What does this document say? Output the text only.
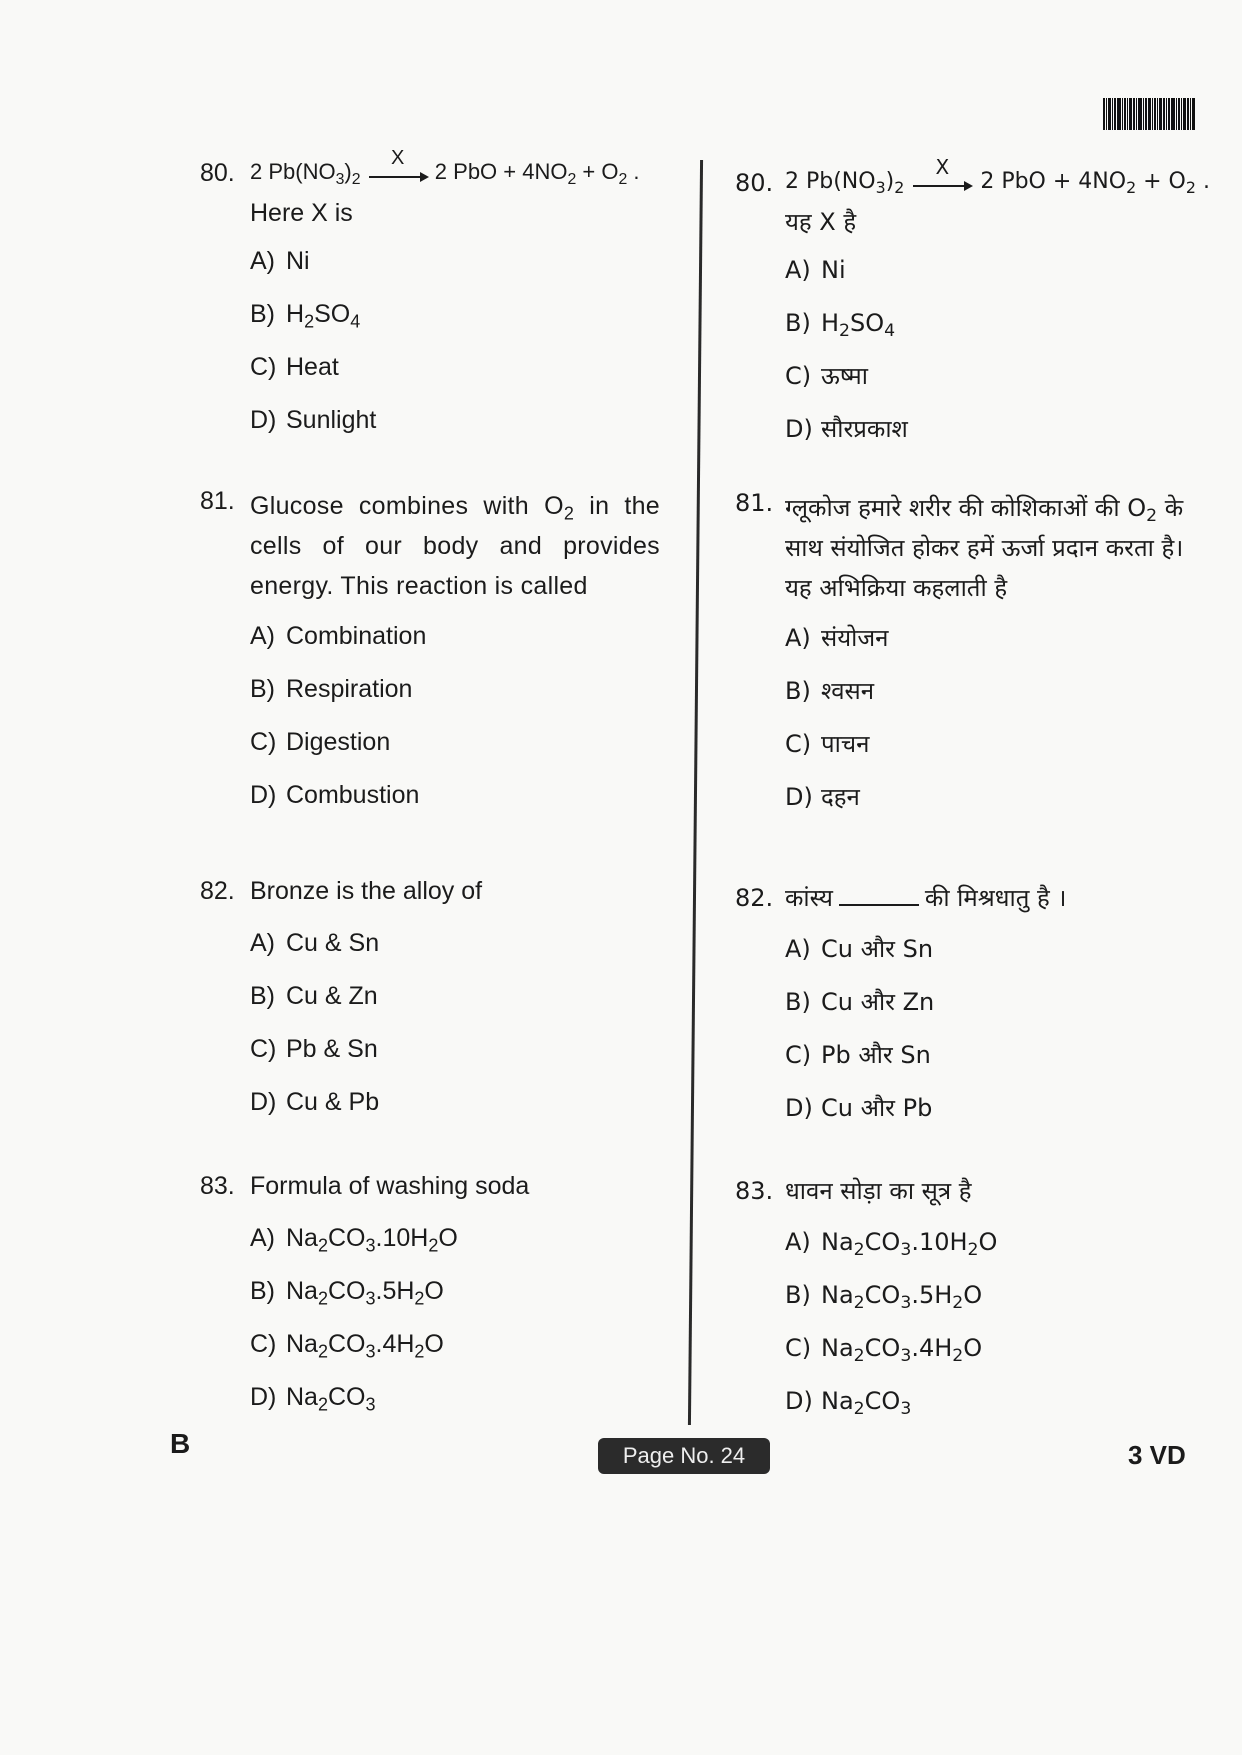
80. 2 $Pb(NO_3)_2$
X
2 PbO + $4NO_2 + O_2$ .
Here X is
A) Ni
B) $H_2SO_4$
C) Heat
D) Sunlight
81. Glucose combines with $O_2$ in the cells of our body and provides energy. This reaction is called
A) Combination
B) Respiration
C) Digestion
D) Combustion
82. Bronze is the alloy of
A) Cu & Sn
B) Cu & Zn
C) Pb & Sn
D) Cu & Pb
83. Formula of washing soda
A) $Na_2CO_3.10H_2O$
B) $Na_2CO_3.5H_2O$
C) $Na_2CO_3.4H_2O$
D) $Na_2CO_3$
80. 2 $Pb(NO_3)_2$
X
2 PbO + $4NO_2 + O_2$ .
यह X है
A) Ni
B) $H_2SO_4$
C) ऊष्मा
D) सौरप्रकाश
81. ग्लूकोज हमारे शरीर की कोशिकाओं की $O_2$ के साथ संयोजित होकर हमें ऊर्जा प्रदान करता है। यह अभिक्रिया कहलाती है
A) संयोजन
B) श्वसन
C) पाचन
D) दहन
82. कांस्य	की मिश्रधातु है ।
A) Cu और Sn
B) Cu और Zn
C) Pb और Sn
D) Cu और Pb
83. धावन सोड़ा का सूत्र है
A) $Na_2CO_3.10H_2O$
B) $Na_2CO_3.5H_2O$
C) $Na_2CO_3.4H_2O$
D) $Na_2CO_3$
B	Page No. 24	3 VD
